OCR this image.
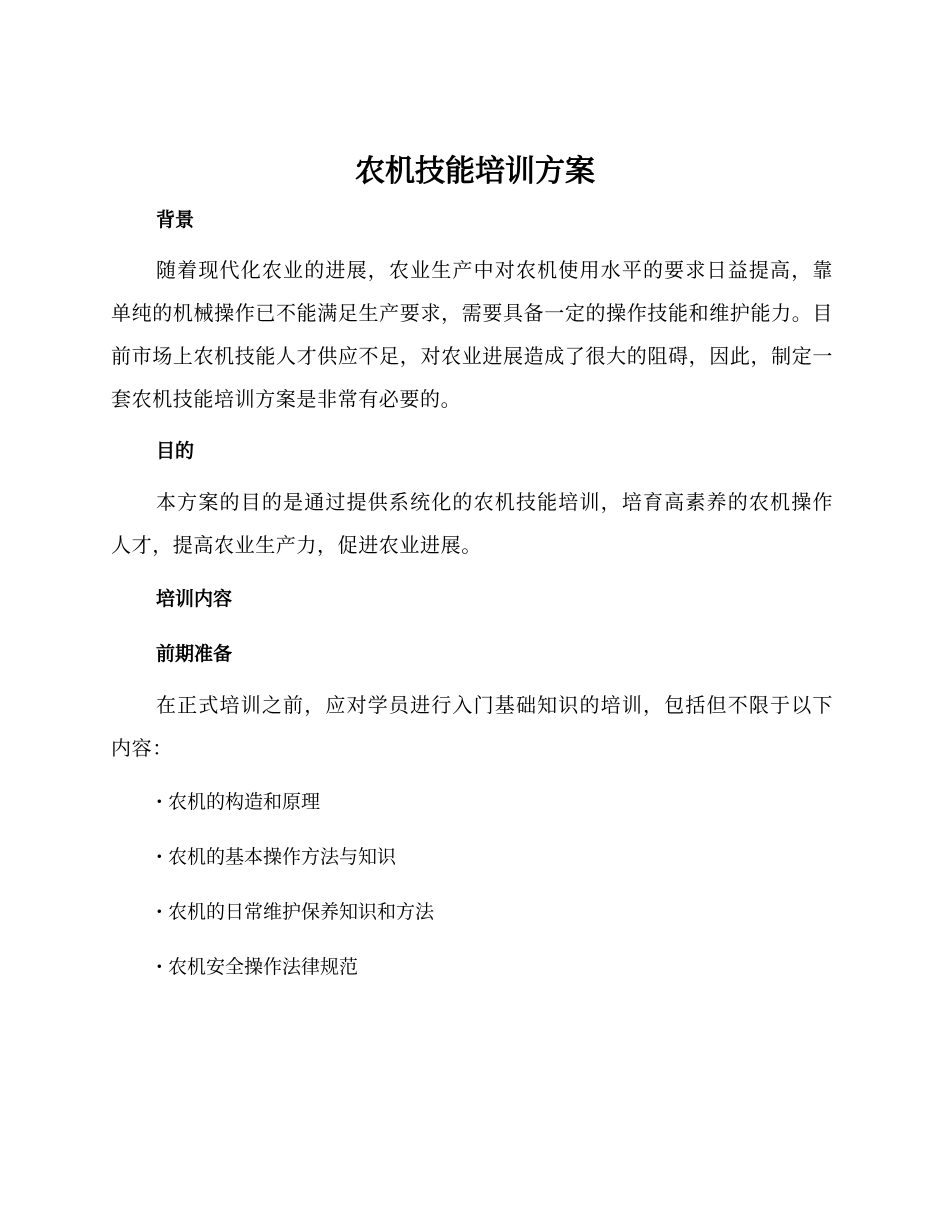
农机技能培训方案
背景

随着现代化农业的进展，农业生产中对农机使用水平的要求日益提高，靠单纯的机械操作已不能满足生产要求，需要具备一定的操作技能和维护能力。目前市场上农机技能人才供应不足，对农业进展造成了很大的阻碍，因此，制定一套农机技能培训方案是非常有必要的。

目的

本方案的目的是通过提供系统化的农机技能培训，培育高素养的农机操作人才，提高农业生产力，促进农业进展。

培训内容
前期准备

在正式培训之前，应对学员进行入门基础知识的培训，包括但不限于以下内容：

· 农机的构造和原理
· 农机的基本操作方法与知识
· 农机的日常维护保养知识和方法
· 农机安全操作法律规范
